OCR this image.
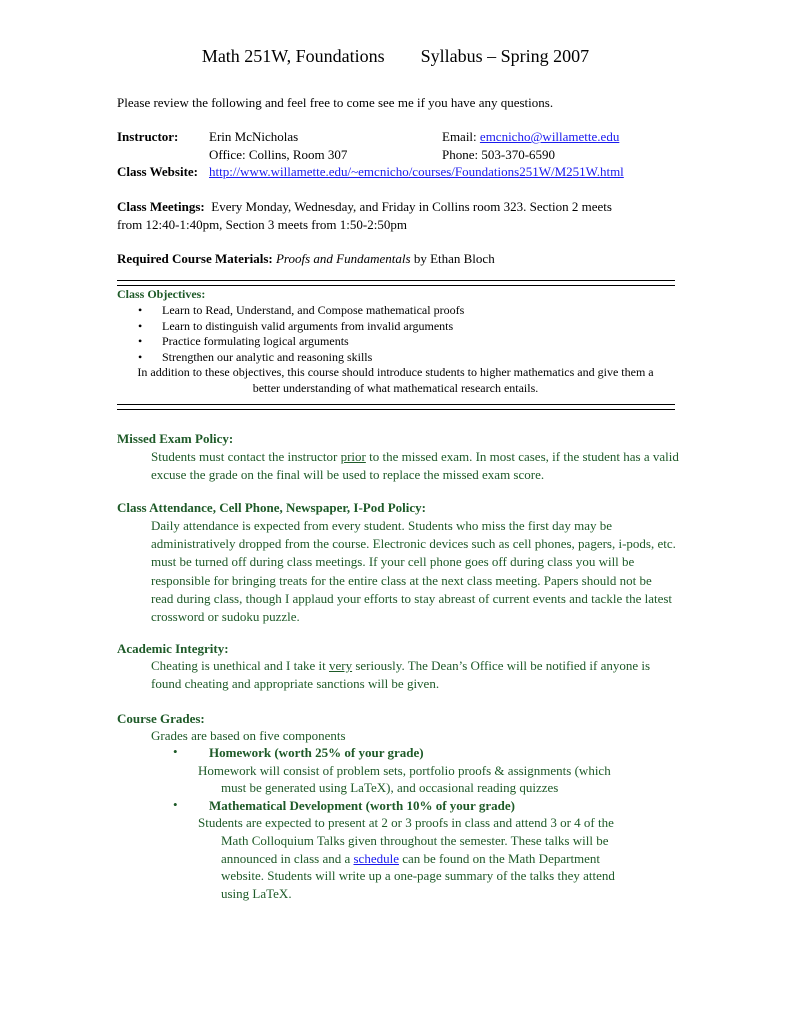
Math 251W, Foundations Syllabus – Spring 2007
Please review the following and feel free to come see me if you have any questions.
Instructor: Erin McNicholas
Office: Collins, Room 307
Email: emcnicho@willamette.edu
Phone: 503-370-6590
Class Website: http://www.willamette.edu/~emcnicho/courses/Foundations251W/M251W.html
Class Meetings: Every Monday, Wednesday, and Friday in Collins room 323. Section 2 meets
from 12:40-1:40pm, Section 3 meets from 1:50-2:50pm
Required Course Materials: Proofs and Fundamentals by Ethan Bloch
Class Objectives:
• Learn to Read, Understand, and Compose mathematical proofs
• Learn to distinguish valid arguments from invalid arguments
• Practice formulating logical arguments
• Strengthen our analytic and reasoning skills
In addition to these objectives, this course should introduce students to higher mathematics and give them a
better understanding of what mathematical research entails.
Missed Exam Policy:
Students must contact the instructor prior to the missed exam. In most cases, if the student has a valid excuse the grade on the final will be used to replace the missed exam score.
Class Attendance, Cell Phone, Newspaper, I-Pod Policy:
Daily attendance is expected from every student. Students who miss the first day may be administratively dropped from the course. Electronic devices such as cell phones, pagers, i-pods, etc. must be turned off during class meetings. If your cell phone goes off during class you will be responsible for bringing treats for the entire class at the next class meeting. Papers should not be read during class, though I applaud your efforts to stay abreast of current events and tackle the latest crossword or sudoku puzzle.
Academic Integrity:
Cheating is unethical and I take it very seriously. The Dean’s Office will be notified if anyone is found cheating and appropriate sanctions will be given.
Course Grades:
Grades are based on five components
• Homework (worth 25% of your grade)
Homework will consist of problem sets, portfolio proofs & assignments (which
must be generated using LaTeX), and occasional reading quizzes
• Mathematical Development (worth 10% of your grade)
Students are expected to present at 2 or 3 proofs in class and attend 3 or 4 of the
Math Colloquium Talks given throughout the semester. These talks will be
announced in class and a schedule can be found on the Math Department
website. Students will write up a one-page summary of the talks they attend
using LaTeX.
